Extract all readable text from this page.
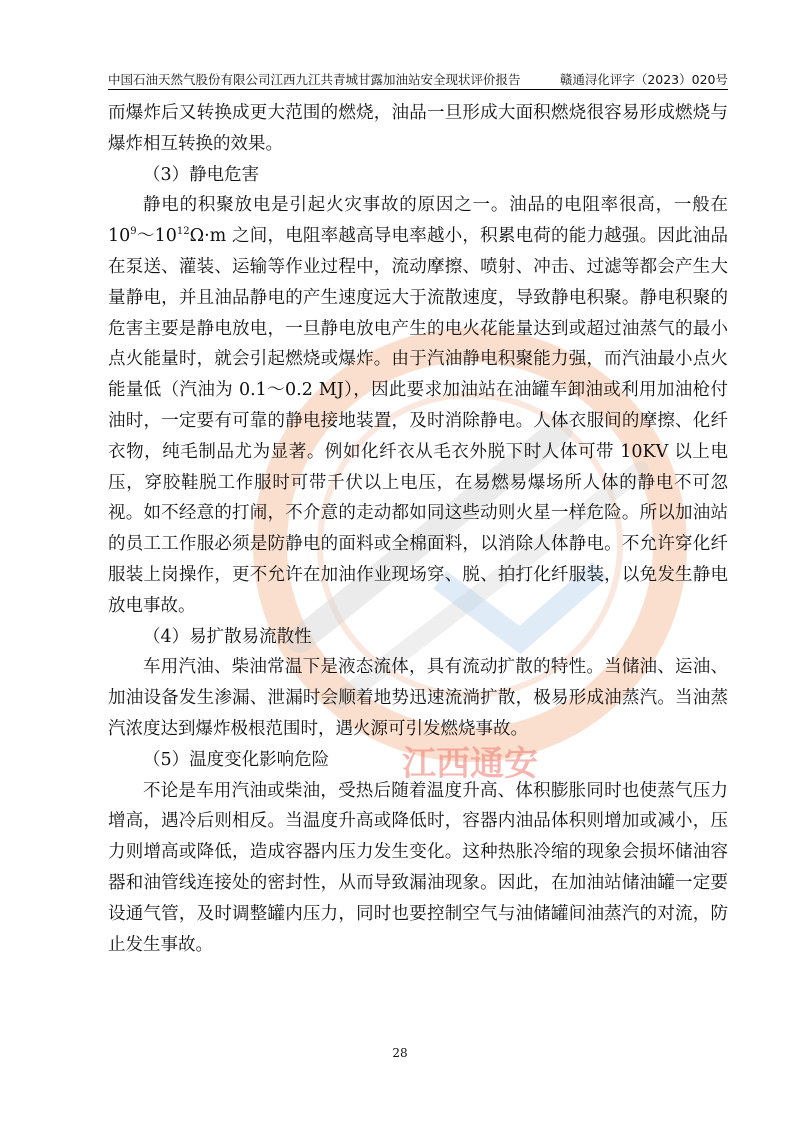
中国石油天然气股份有限公司江西九江共青城甘露加油站安全现状评价报告	赣通浔化评字（2023）020号
江西通安

而爆炸后又转换成更大范围的燃烧，油品一旦形成大面积燃烧很容易形成燃烧与爆炸相互转换的效果。

（3）静电危害

静电的积聚放电是引起火灾事故的原因之一。油品的电阻率很高，一般在 $10^9\sim 10^{12}\Omega\cdot m$ 之间，电阻率越高导电率越小，积累电荷的能力越强。因此油品在泵送、灌装、运输等作业过程中，流动摩擦、喷射、冲击、过滤等都会产生大量静电，并且油品静电的产生速度远大于流散速度，导致静电积聚。静电积聚的危害主要是静电放电，一旦静电放电产生的电火花能量达到或超过油蒸气的最小点火能量时，就会引起燃烧或爆炸。由于汽油静电积聚能力强，而汽油最小点火能量低（汽油为 0.1～0.2 MJ），因此要求加油站在油罐车卸油或利用加油枪付油时，一定要有可靠的静电接地装置，及时消除静电。人体衣服间的摩擦、化纤衣物，纯毛制品尤为显著。例如化纤衣从毛衣外脱下时人体可带 10KV 以上电压，穿胶鞋脱工作服时可带千伏以上电压，在易燃易爆场所人体的静电不可忽视。如不经意的打闹，不介意的走动都如同这些动则火星一样危险。所以加油站的员工工作服必须是防静电的面料或全棉面料，以消除人体静电。不允许穿化纤服装上岗操作，更不允许在加油作业现场穿、脱、拍打化纤服装，以免发生静电放电事故。

（4）易扩散易流散性

车用汽油、柴油常温下是液态流体，具有流动扩散的特性。当储油、运油、加油设备发生渗漏、泄漏时会顺着地势迅速流淌扩散，极易形成油蒸汽。当油蒸汽浓度达到爆炸极根范围时，遇火源可引发燃烧事故。

（5）温度变化影响危险

不论是车用汽油或柴油，受热后随着温度升高、体积膨胀同时也使蒸气压力增高，遇冷后则相反。当温度升高或降低时，容器内油品体积则增加或减小，压力则增高或降低，造成容器内压力发生变化。这种热胀冷缩的现象会损坏储油容器和油管线连接处的密封性，从而导致漏油现象。因此，在加油站储油罐一定要设通气管，及时调整罐内压力，同时也要控制空气与油储罐间油蒸汽的对流，防止发生事故。

28
